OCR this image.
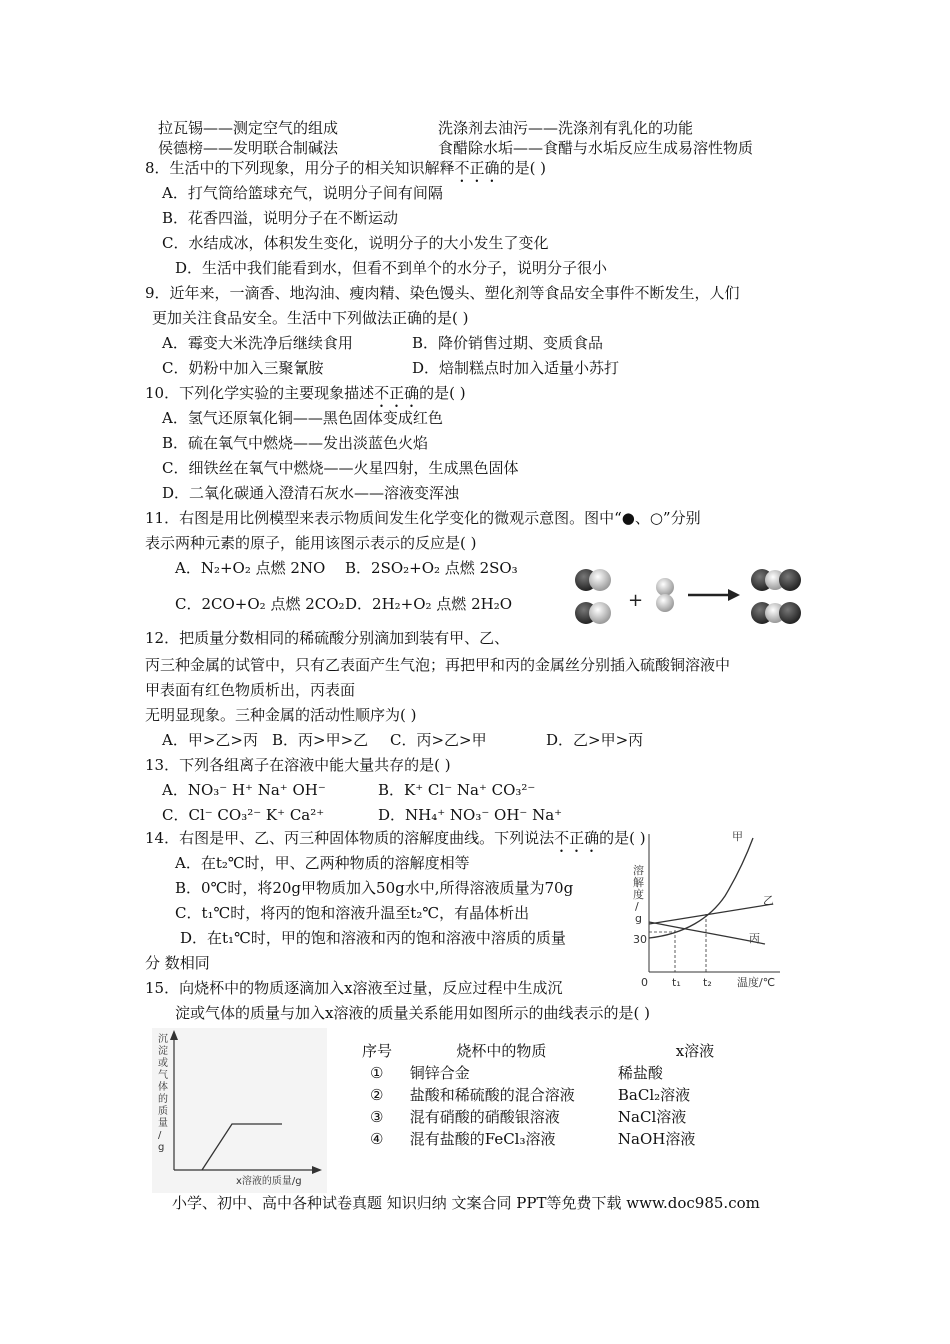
拉瓦锡——测定空气的组成	洗涤剂去油污——洗涤剂有乳化的功能
侯德榜——发明联合制碱法	食醋除水垢——食醋与水垢反应生成易溶性物质
8．生活中的下列现象，用分子的相关知识解释不正确的是( )
A．打气筒给篮球充气，说明分子间有间隔
B．花香四溢，说明分子在不断运动
C．水结成冰，体积发生变化，说明分子的大小发生了变化
D．生活中我们能看到水，但看不到单个的水分子，说明分子很小
9．近年来，一滴香、地沟油、瘦肉精、染色馒头、塑化剂等食品安全事件不断发生，人们
更加关注食品安全。生活中下列做法正确的是( )
A．霉变大米洗净后继续食用	B．降价销售过期、变质食品
C．奶粉中加入三聚氰胺	D．焙制糕点时加入适量小苏打
10．下列化学实验的主要现象描述不正确的是( )
A．氢气还原氧化铜——黑色固体变成红色
B．硫在氧气中燃烧——发出淡蓝色火焰
C．细铁丝在氧气中燃烧——火星四射，生成黑色固体
D．二氧化碳通入澄清石灰水——溶液变浑浊
11．右图是用比例模型来表示物质间发生化学变化的微观示意图。图中“●、○”分别
表示两种元素的原子，能用该图示表示的反应是( )
A．N₂+O₂ 点燃 2NO B．2SO₂+O₂ 点燃 2SO₃
C．2CO+O₂ 点燃 2CO₂ D．2H₂+O₂ 点燃 2H₂O	+
12．把质量分数相同的稀硫酸分别滴加到装有甲、乙、
丙三种金属的试管中，只有乙表面产生气泡；再把甲和丙的金属丝分别插入硫酸铜溶液中
甲表面有红色物质析出，丙表面
无明显现象。三种金属的活动性顺序为( )
A．甲>乙>丙 B．丙>甲>乙 C．丙>乙>甲	D．乙>甲>丙
13．下列各组离子在溶液中能大量共存的是( )
A．NO₃⁻ H⁺ Na⁺ OH⁻	B．K⁺ Cl⁻ Na⁺ CO₃²⁻
C．Cl⁻ CO₃²⁻ K⁺ Ca²⁺	D．NH₄⁺ NO₃⁻ OH⁻ Na⁺
14．右图是甲、乙、丙三种固体物质的溶解度曲线。下列说法不正确的是( )
A．在t₂℃时，甲、乙两种物质的溶解度相等
B．0℃时，将20g甲物质加入50g水中,所得溶液质量为70g
C．t₁℃时，将丙的饱和溶液升温至t₂℃，有晶体析出
D．在t₁℃时，甲的饱和溶液和丙的饱和溶液中溶质的质量
分 数相同
溶
解
度
/
g
30
0 t₁ t₂ 温度/℃
甲
乙
丙
15．向烧杯中的物质逐滴加入x溶液至过量，反应过程中生成沉
淀或气体的质量与加入x溶液的质量关系能用如图所示的曲线表示的是( )
沉
淀
或
气
体
的
质
量
/
g
x溶液的质量/g
序号	烧杯中的物质	x溶液
①	铜锌合金	稀盐酸
②	盐酸和稀硫酸的混合溶液	BaCl₂溶液
③	混有硝酸的硝酸银溶液	NaCl溶液
④	混有盐酸的FeCl₃溶液	NaOH溶液
小学、初中、高中各种试卷真题 知识归纳 文案合同 PPT等免费下载 www.doc985.com
